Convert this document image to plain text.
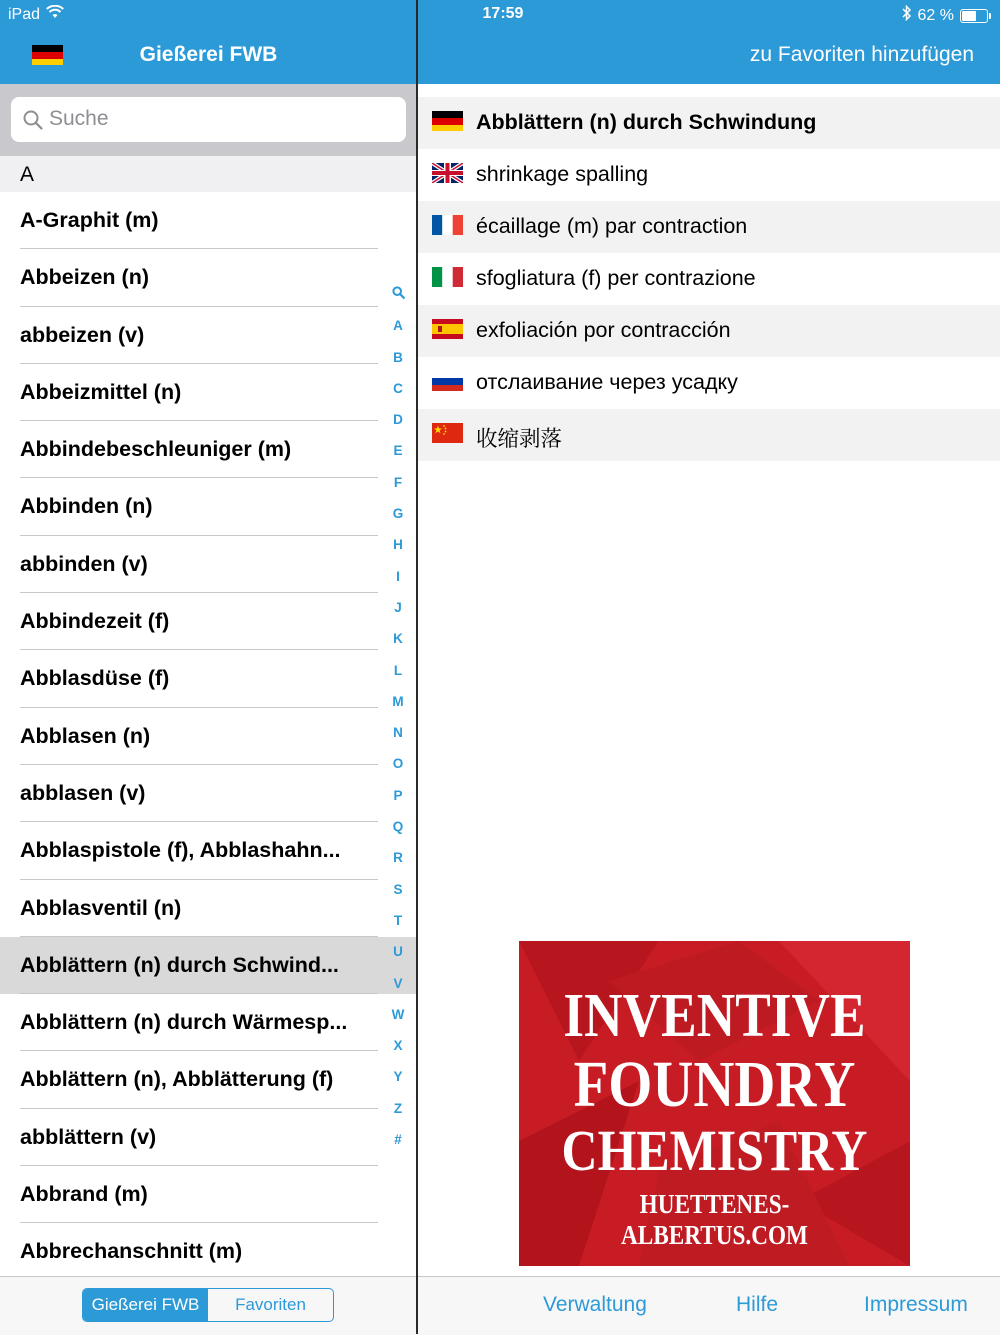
iPad	17:59	62 %
Gießerei FWB	zu Favoriten hinzufügen
Suche
A
A-Graphit (m)
Abbeizen (n)
abbeizen (v)
Abbeizmittel (n)
Abbindebeschleuniger (m)
Abbinden (n)
abbinden (v)
Abbindezeit (f)
Abblasdüse (f)
Abblasen (n)
abblasen (v)
Abblaspistole (f), Abblashahn...
Abblasventil (n)
Abblättern (n) durch Schwind...
Abblättern (n) durch Wärmesp...
Abblättern (n), Abblätterung (f)
abblättern (v)
Abbrand (m)
Abbrechanschnitt (m)
A
B
C
D
E
F
G
H
I
J
K
L
M
N
O
P
Q
R
S
T
U
V
W
X
Y
Z
#
Gießerei FWB	Favoriten
Abblättern (n) durch Schwindung
shrinkage spalling
écaillage (m) par contraction
sfogliatura (f) per contrazione
exfoliación por contracción
отслаивание через усадку
收缩剥落
INVENTIVE
FOUNDRY
CHEMISTRY
HUETTENES-ALBERTUS.COM
Verwaltung	Hilfe	Impressum
